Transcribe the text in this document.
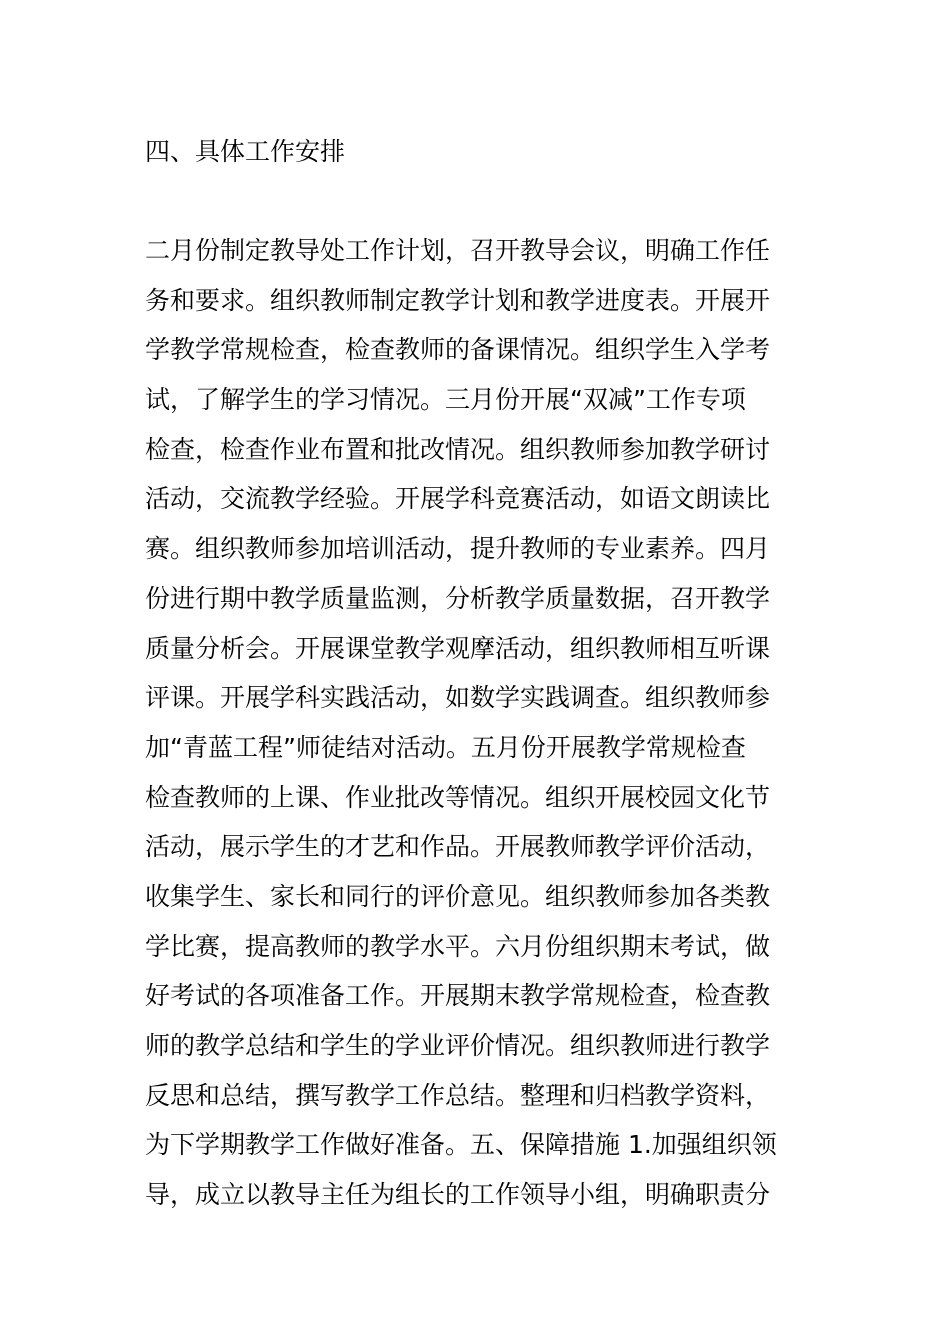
四、具体工作安排
二月份制定教导处工作计划，召开教导会议，明确工作任
务和要求。组织教师制定教学计划和教学进度表。开展开
学教学常规检查，检查教师的备课情况。组织学生入学考
试，了解学生的学习情况。三月份开展“双减”工作专项
检查，检查作业布置和批改情况。组织教师参加教学研讨
活动，交流教学经验。开展学科竞赛活动，如语文朗读比
赛。组织教师参加培训活动，提升教师的专业素养。四月
份进行期中教学质量监测，分析教学质量数据，召开教学
质量分析会。开展课堂教学观摩活动，组织教师相互听课
评课。开展学科实践活动，如数学实践调查。组织教师参
加“青蓝工程”师徒结对活动。五月份开展教学常规检查
检查教师的上课、作业批改等情况。组织开展校园文化节
活动，展示学生的才艺和作品。开展教师教学评价活动，
收集学生、家长和同行的评价意见。组织教师参加各类教
学比赛，提高教师的教学水平。六月份组织期末考试，做
好考试的各项准备工作。开展期末教学常规检查，检查教
师的教学总结和学生的学业评价情况。组织教师进行教学
反思和总结，撰写教学工作总结。整理和归档教学资料，
为下学期教学工作做好准备。五、保障措施 1.加强组织领
导，成立以教导主任为组长的工作领导小组，明确职责分
